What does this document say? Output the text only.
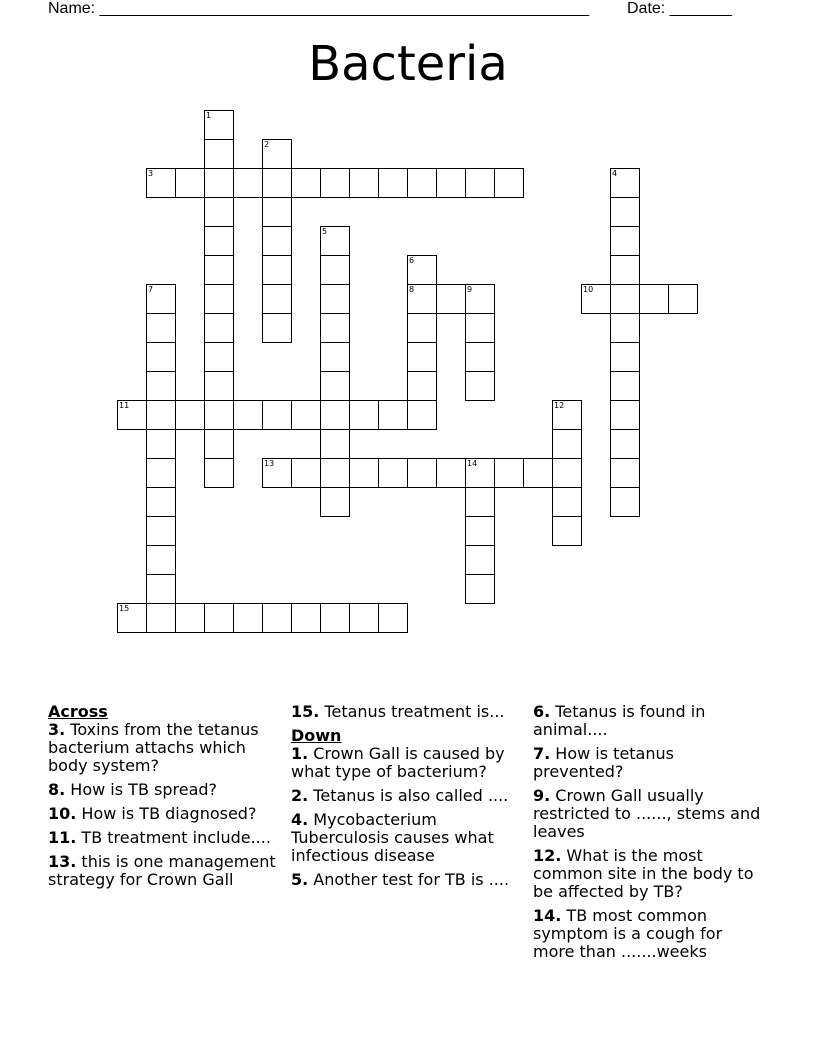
Name: _______________________________________________________ Date: _______
Bacteria
1
2
3	4
5
6
7	8	9	10
11	12
13	14
15
Across
3. Toxins from the tetanus bacterium attachs which body system?
8. How is TB spread?
10. How is TB diagnosed?
11. TB treatment include....
13. this is one management strategy for Crown Gall
15. Tetanus treatment is...
Down
1. Crown Gall is caused by what type of bacterium?
2. Tetanus is also called ....
4. Mycobacterium Tuberculosis causes what infectious disease
5. Another test for TB is ....
6. Tetanus is found in animal....
7. How is tetanus prevented?
9. Crown Gall usually restricted to ......, stems and leaves
12. What is the most common site in the body to be affected by TB?
14. TB most common symptom is a cough for more than .......weeks
